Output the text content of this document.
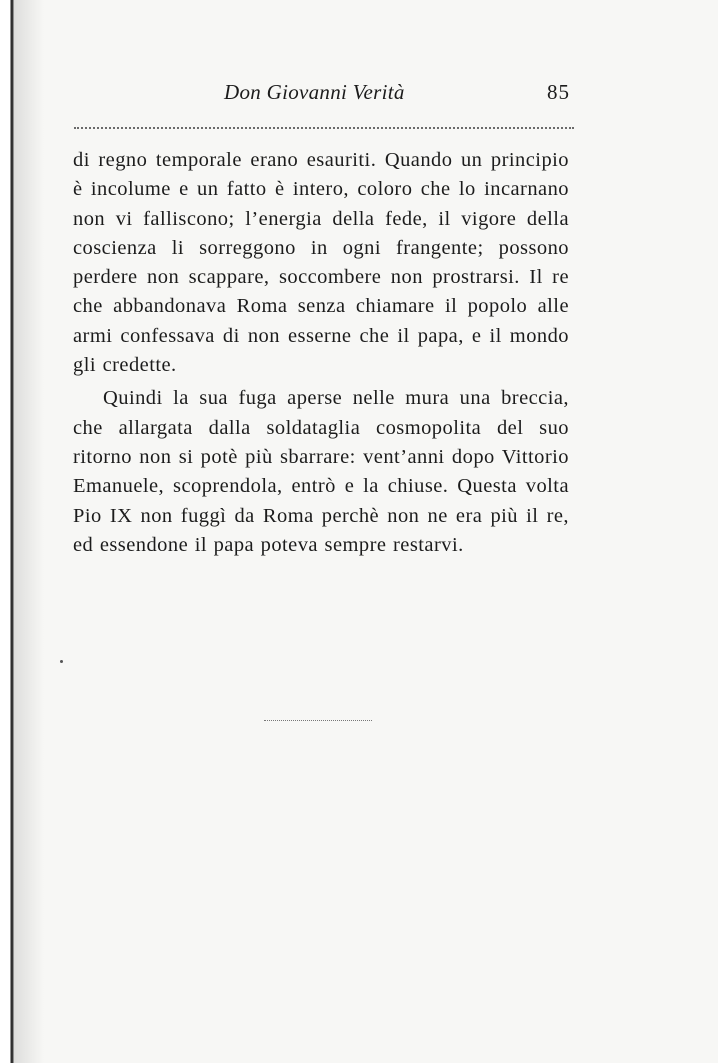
Don Giovanni Verità	85

di regno temporale erano esauriti. Quando un principio è incolume e un fatto è intero, coloro che lo incarnano non vi falliscono; l’energia della fede, il vigore della coscienza li sorreggono in ogni frangente; possono perdere non scappare, soccombere non prostrarsi. Il re che abbandonava Roma senza chiamare il popolo alle armi confessava di non esserne che il papa, e il mondo gli credette.

Quindi la sua fuga aperse nelle mura una breccia, che allargata dalla soldataglia cosmopolita del suo ritorno non si potè più sbarrare: vent’anni dopo Vittorio Emanuele, scoprendola, entrò e la chiuse. Questa volta Pio IX non fuggì da Roma perchè non ne era più il re, ed essendone il papa poteva sempre restarvi.
